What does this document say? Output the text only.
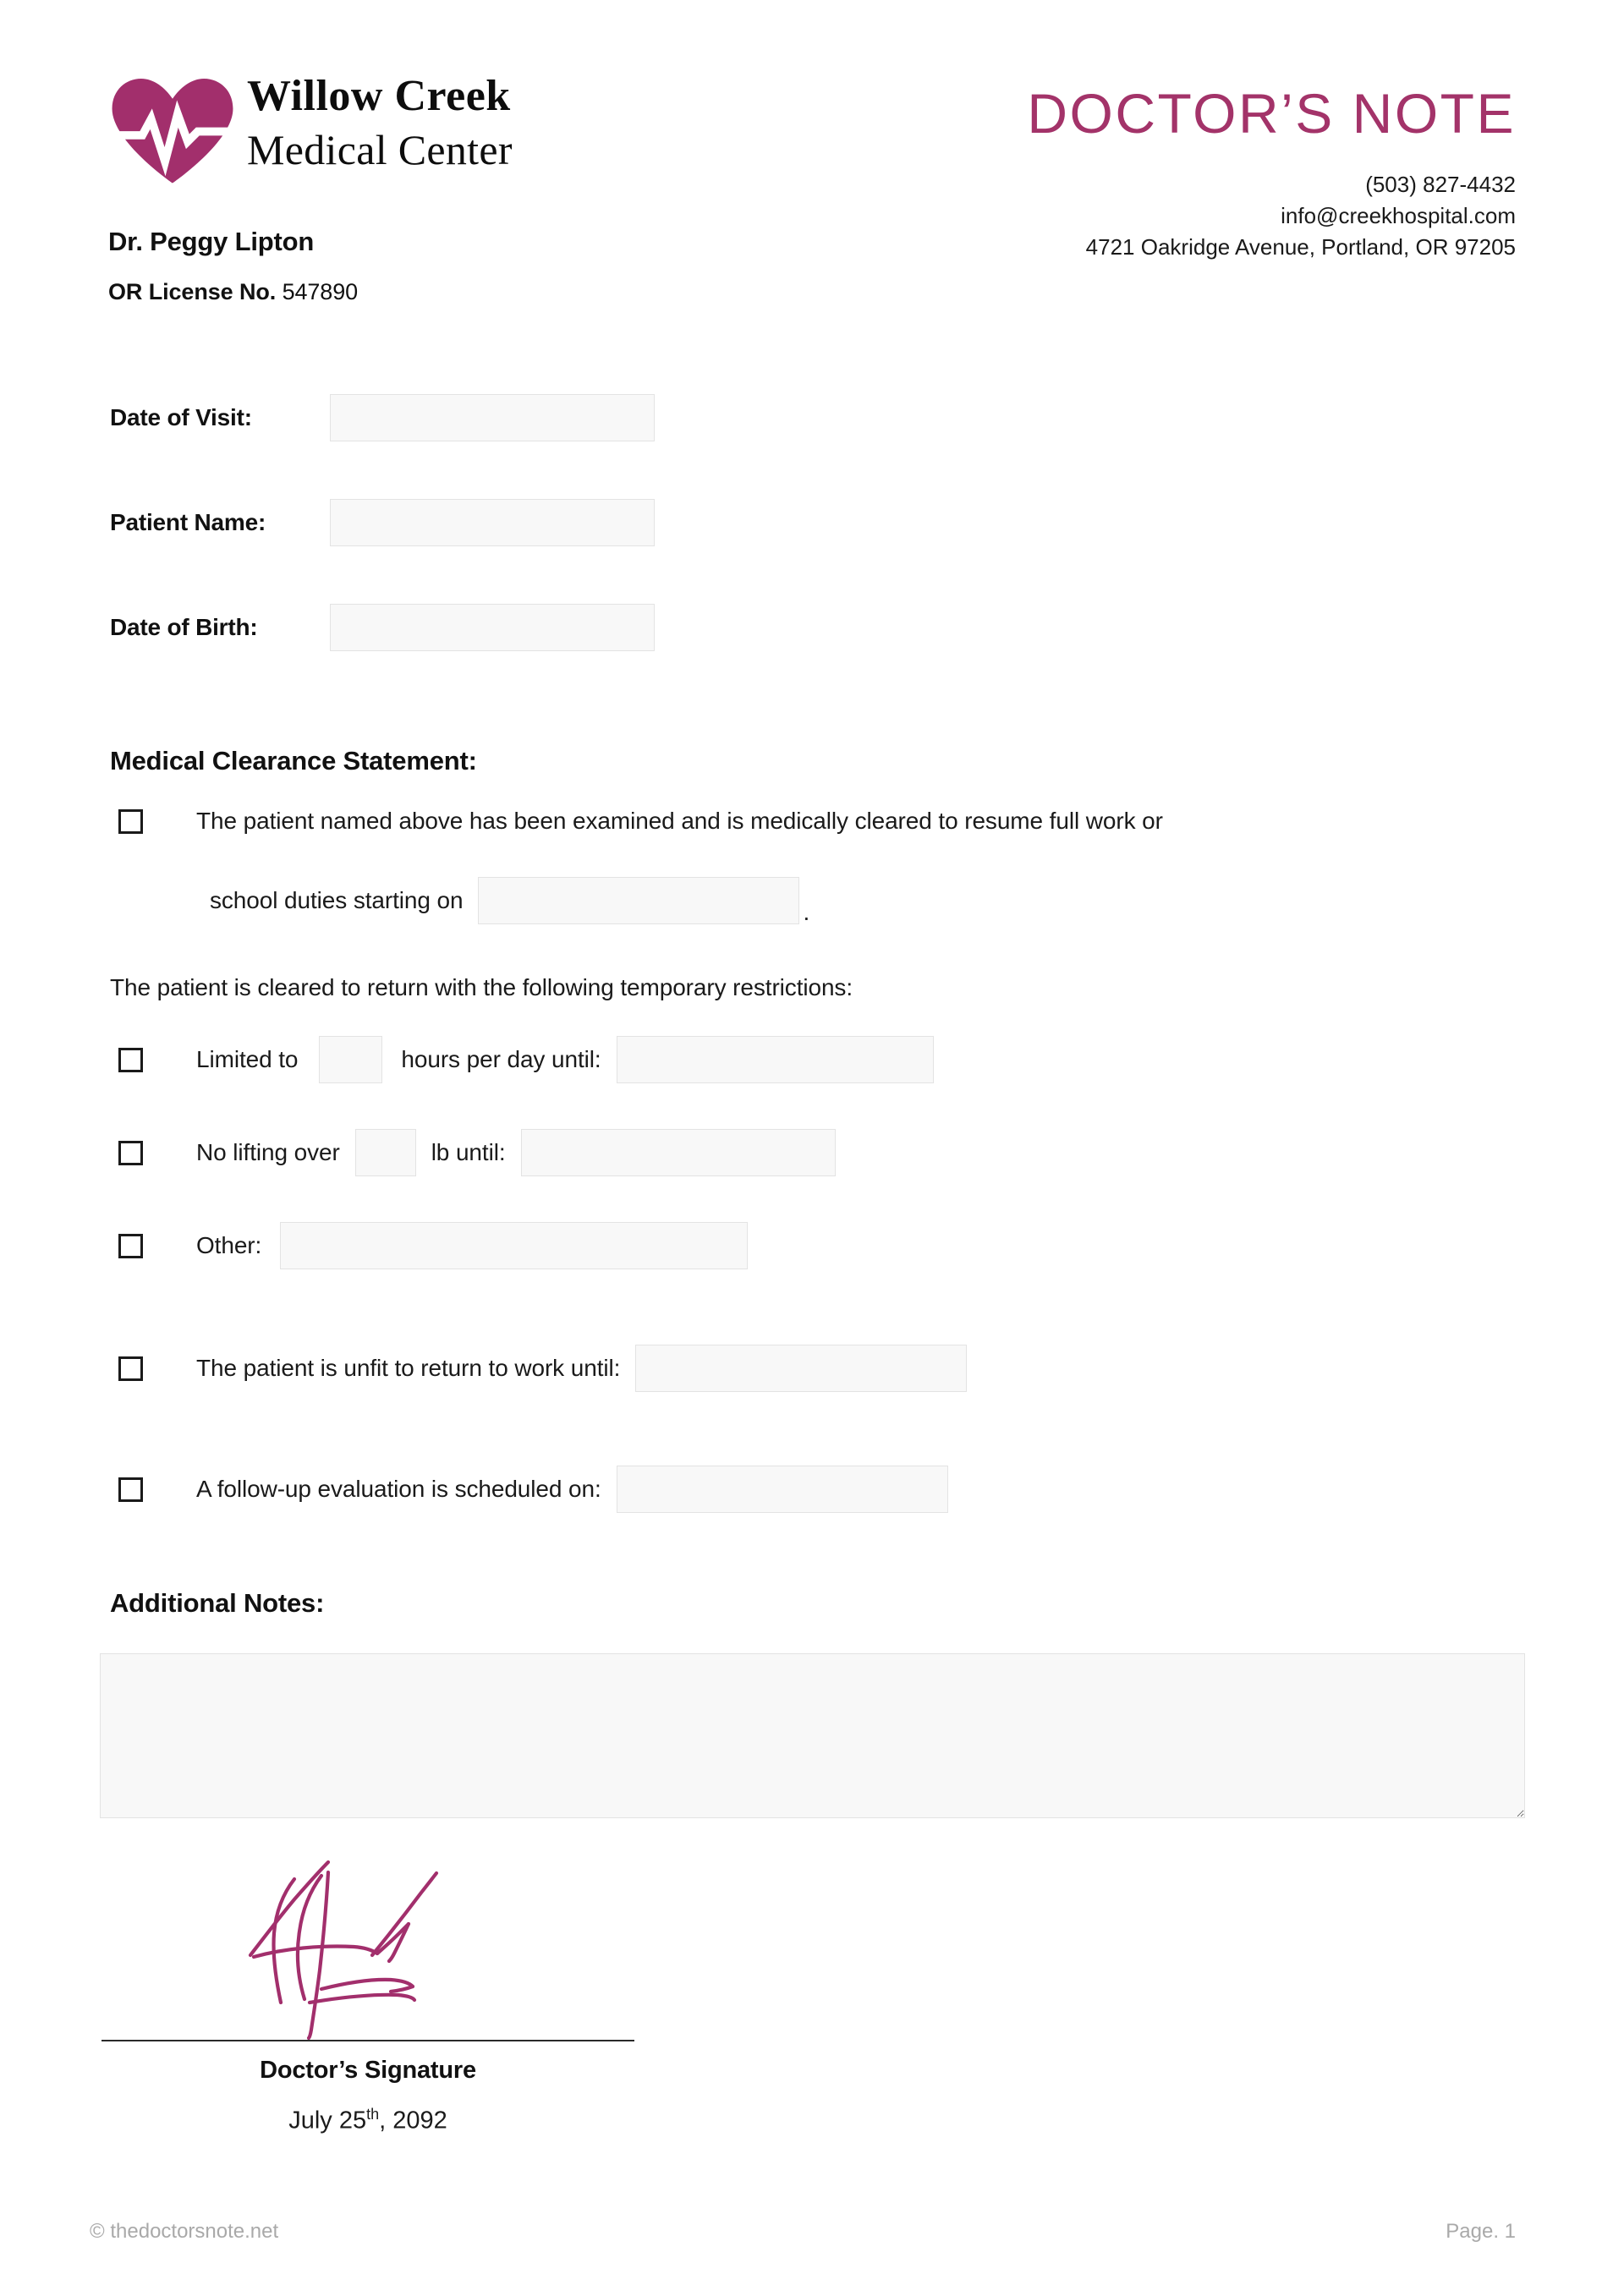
Willow Creek
Medical Center
Dr. Peggy Lipton
OR License No. 547890
DOCTOR’S NOTE
(503) 827-4432
info@creekhospital.com
4721 Oakridge Avenue, Portland, OR 97205
Date of Visit:
Patient Name:
Date of Birth:
Medical Clearance Statement:
The patient named above has been examined and is medically cleared to resume full work or
school duties starting on	.
The patient is cleared to return with the following temporary restrictions:
Limited to	hours per day until:
No lifting over	lb until:
Other:
The patient is unfit to return to work until:
A follow-up evaluation is scheduled on:
Additional Notes:
Doctor’s Signature
July 25th, 2092
© thedoctorsnote.net	Page. 1
